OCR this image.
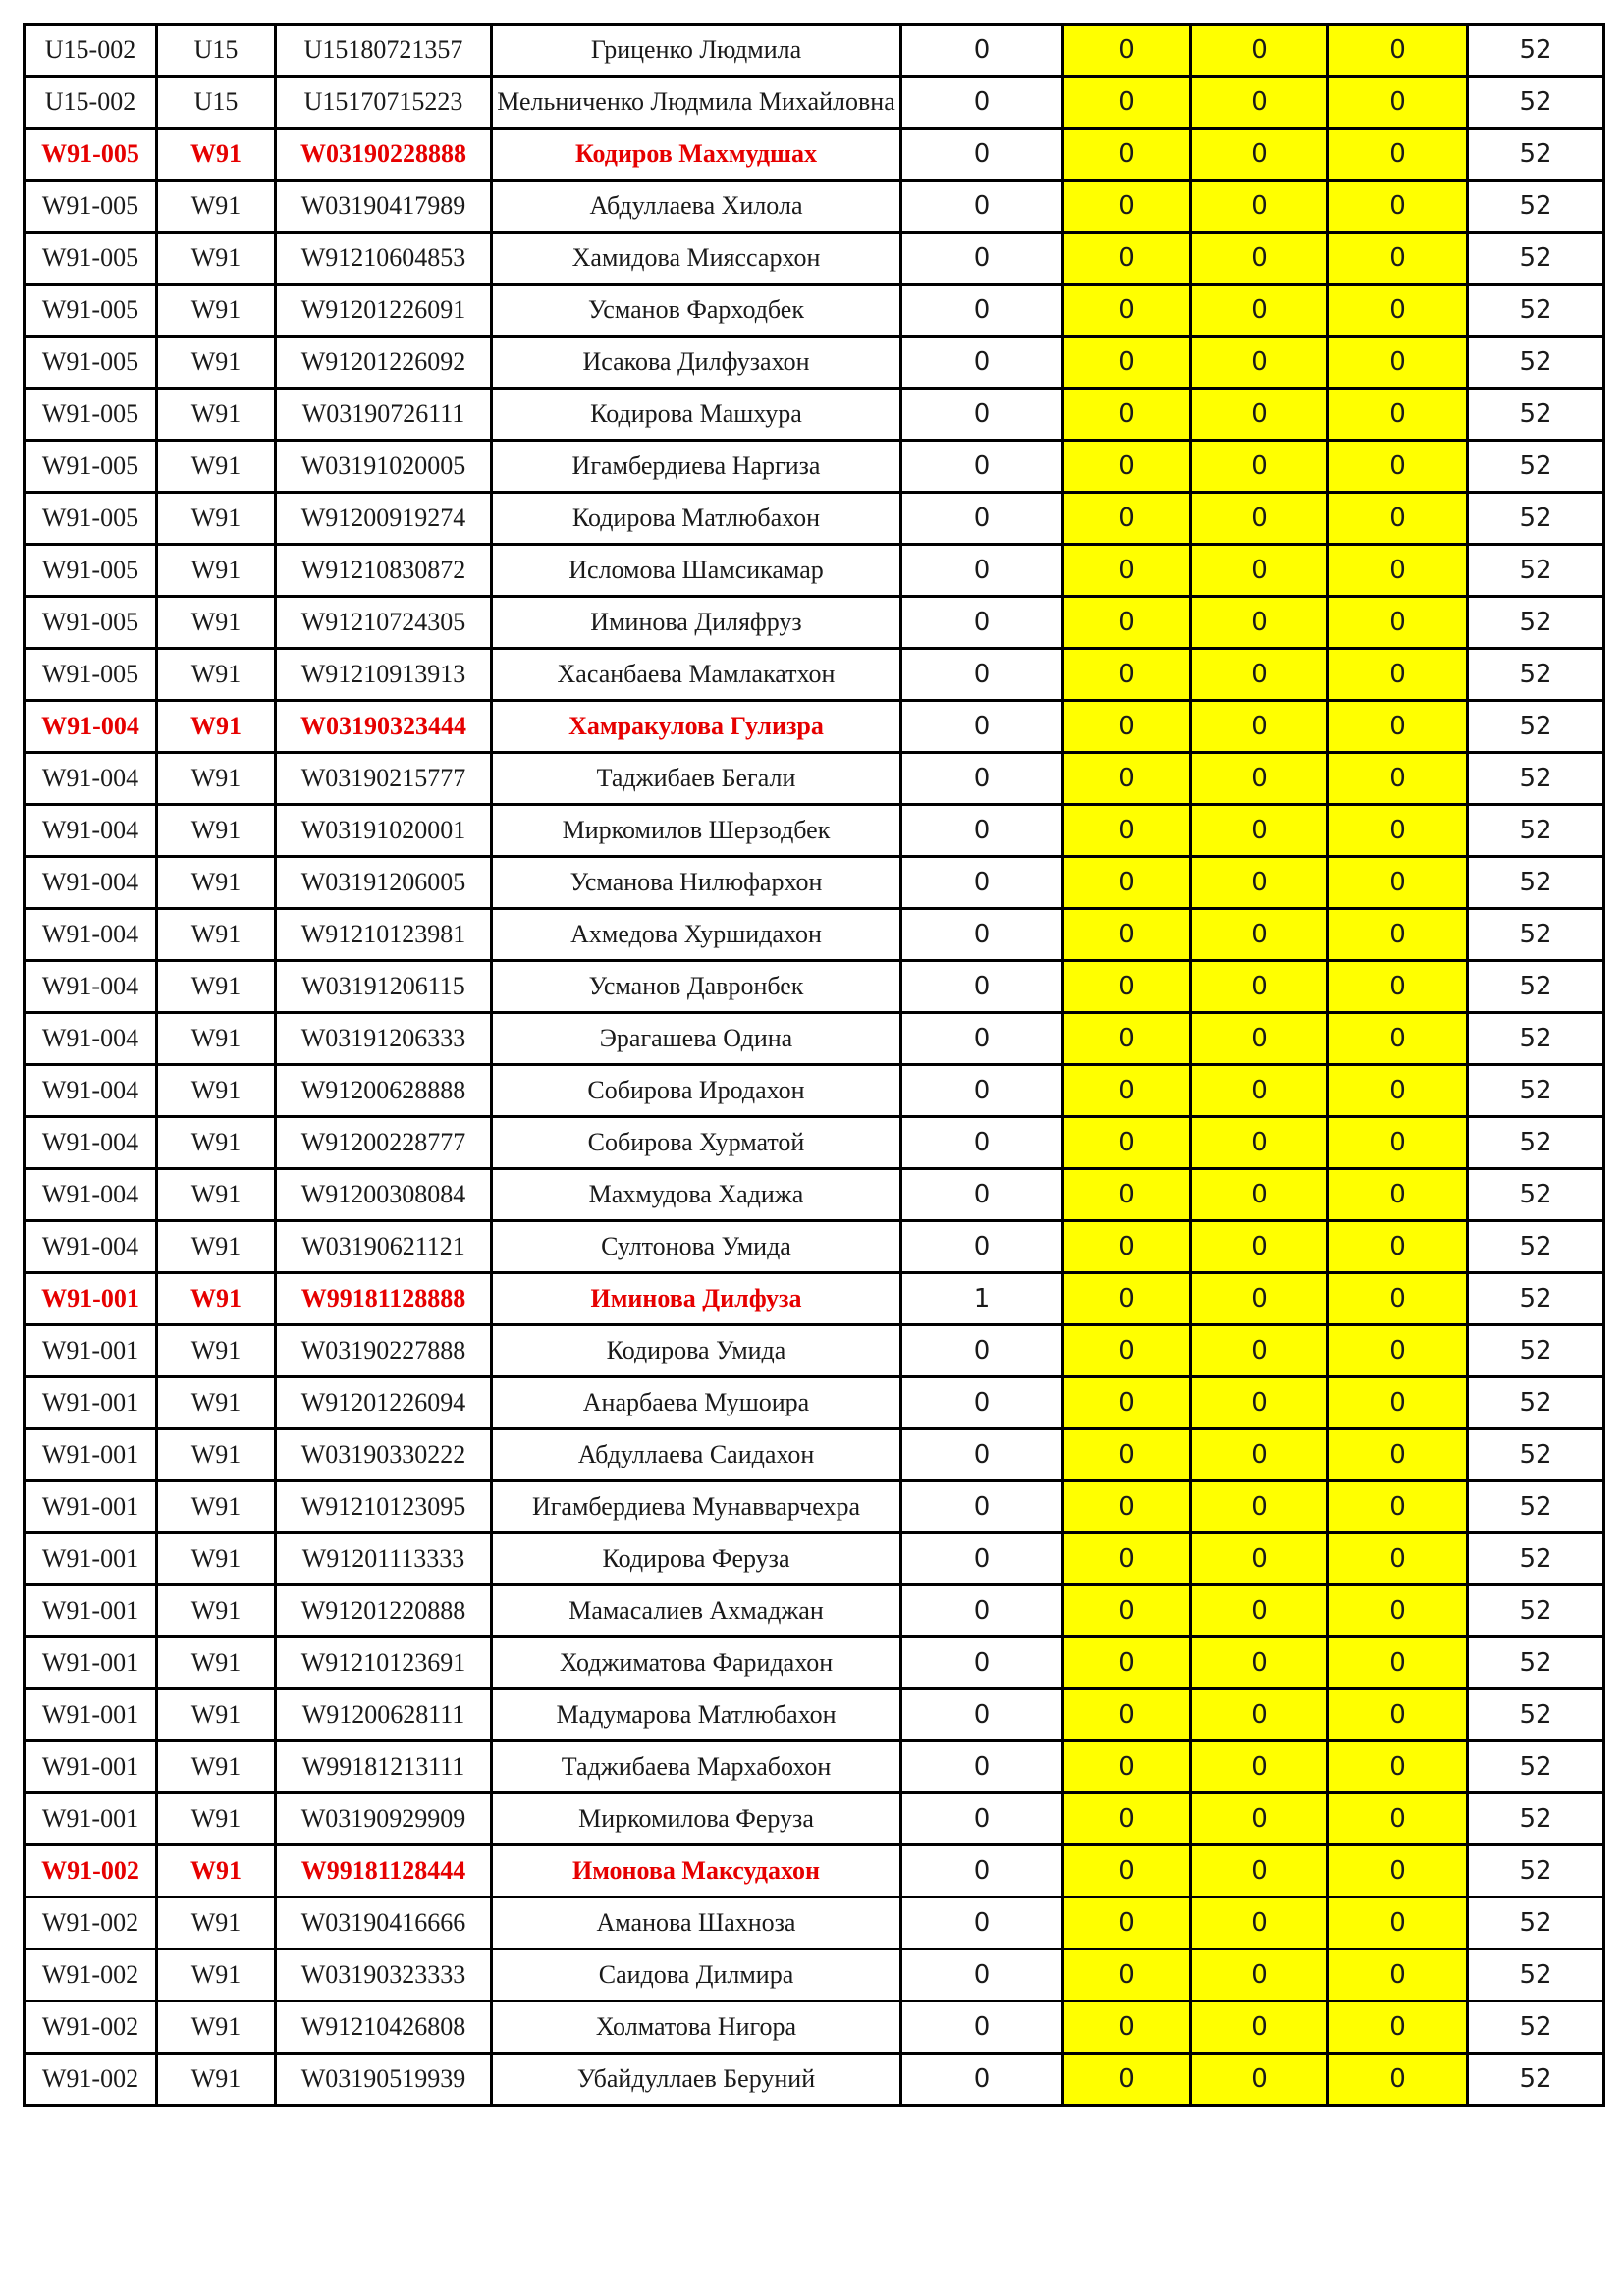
U15-002	U15	U15180721357	Гриценко Людмила	0	0	0	0	52
U15-002	U15	U15170715223	Мельниченко Людмила Михайловна	0	0	0	0	52
W91-005	W91	W03190228888	Кодиров Махмудшах	0	0	0	0	52
W91-005	W91	W03190417989	Абдуллаева Хилола	0	0	0	0	52
W91-005	W91	W91210604853	Хамидова Мияссархон	0	0	0	0	52
W91-005	W91	W91201226091	Усманов Фарходбек	0	0	0	0	52
W91-005	W91	W91201226092	Исакова Дилфузахон	0	0	0	0	52
W91-005	W91	W03190726111	Кодирова Машхура	0	0	0	0	52
W91-005	W91	W03191020005	Игамбердиева Наргиза	0	0	0	0	52
W91-005	W91	W91200919274	Кодирова Матлюбахон	0	0	0	0	52
W91-005	W91	W91210830872	Исломова Шамсикамар	0	0	0	0	52
W91-005	W91	W91210724305	Иминова Диляфруз	0	0	0	0	52
W91-005	W91	W91210913913	Хасанбаева Мамлакатхон	0	0	0	0	52
W91-004	W91	W03190323444	Хамракулова Гулизра	0	0	0	0	52
W91-004	W91	W03190215777	Таджибаев Бегали	0	0	0	0	52
W91-004	W91	W03191020001	Миркомилов Шерзодбек	0	0	0	0	52
W91-004	W91	W03191206005	Усманова Нилюфархон	0	0	0	0	52
W91-004	W91	W91210123981	Ахмедова Хуршидахон	0	0	0	0	52
W91-004	W91	W03191206115	Усманов Давронбек	0	0	0	0	52
W91-004	W91	W03191206333	Эрагашева Одина	0	0	0	0	52
W91-004	W91	W91200628888	Собирова Иродахон	0	0	0	0	52
W91-004	W91	W91200228777	Собирова Хурматой	0	0	0	0	52
W91-004	W91	W91200308084	Махмудова Хадижа	0	0	0	0	52
W91-004	W91	W03190621121	Султонова Умида	0	0	0	0	52
W91-001	W91	W99181128888	Иминова Дилфуза	1	0	0	0	52
W91-001	W91	W03190227888	Кодирова Умида	0	0	0	0	52
W91-001	W91	W91201226094	Анарбаева Мушоира	0	0	0	0	52
W91-001	W91	W03190330222	Абдуллаева Саидахон	0	0	0	0	52
W91-001	W91	W91210123095	Игамбердиева Мунавварчехра	0	0	0	0	52
W91-001	W91	W91201113333	Кодирова Феруза	0	0	0	0	52
W91-001	W91	W91201220888	Мамасалиев Ахмаджан	0	0	0	0	52
W91-001	W91	W91210123691	Ходжиматова Фаридахон	0	0	0	0	52
W91-001	W91	W91200628111	Мадумарова Матлюбахон	0	0	0	0	52
W91-001	W91	W99181213111	Таджибаева Мархабохон	0	0	0	0	52
W91-001	W91	W03190929909	Миркомилова Феруза	0	0	0	0	52
W91-002	W91	W99181128444	Имонова Максудахон	0	0	0	0	52
W91-002	W91	W03190416666	Аманова Шахноза	0	0	0	0	52
W91-002	W91	W03190323333	Саидова Дилмира	0	0	0	0	52
W91-002	W91	W91210426808	Холматова Нигора	0	0	0	0	52
W91-002	W91	W03190519939	Убайдуллаев Беруний	0	0	0	0	52
